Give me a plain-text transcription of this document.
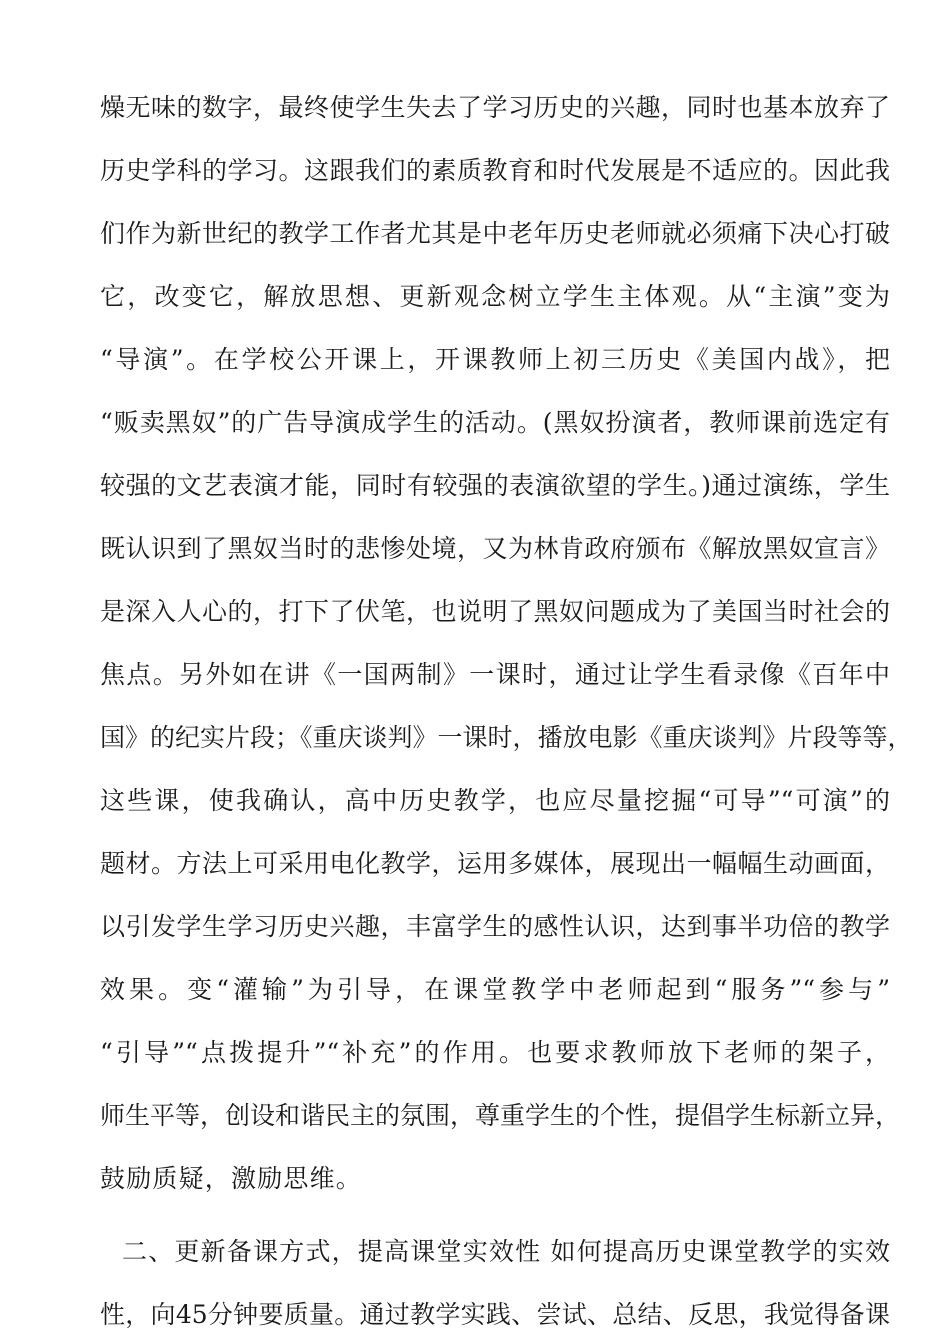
燥无味的数字，最终使学生失去了学习历史的兴趣，同时也基本放弃了
历史学科的学习。这跟我们的素质教育和时代发展是不适应的。因此我
们作为新世纪的教学工作者尤其是中老年历史老师就必须痛下决心打破
它，改变它，解放思想、更新观念树立学生主体观。从“主演”变为
“导演”。在学校公开课上，开课教师上初三历史《美国内战》，把
“贩卖黑奴”的广告导演成学生的活动。(黑奴扮演者，教师课前选定有
较强的文艺表演才能，同时有较强的表演欲望的学生。)通过演练，学生
既认识到了黑奴当时的悲惨处境，又为林肯政府颁布《解放黑奴宣言》
是深入人心的，打下了伏笔，也说明了黑奴问题成为了美国当时社会的
焦点。另外如在讲《一国两制》一课时，通过让学生看录像《百年中
国》的纪实片段；《重庆谈判》一课时，播放电影《重庆谈判》片段等等，
这些课，使我确认，高中历史教学，也应尽量挖掘“可导”“可演”的
题材。方法上可采用电化教学，运用多媒体，展现出一幅幅生动画面，
以引发学生学习历史兴趣，丰富学生的感性认识，达到事半功倍的教学
效果。变“灌输”为引导，在课堂教学中老师起到“服务”“参与”
“引导”“点拨提升”“补充”的作用。也要求教师放下老师的架子，
师生平等，创设和谐民主的氛围，尊重学生的个性，提倡学生标新立异，
鼓励质疑，激励思维。
二、更新备课方式，提高课堂实效性 如何提高历史课堂教学的实效
性，向45分钟要质量。通过教学实践、尝试、总结、反思，我觉得备课
